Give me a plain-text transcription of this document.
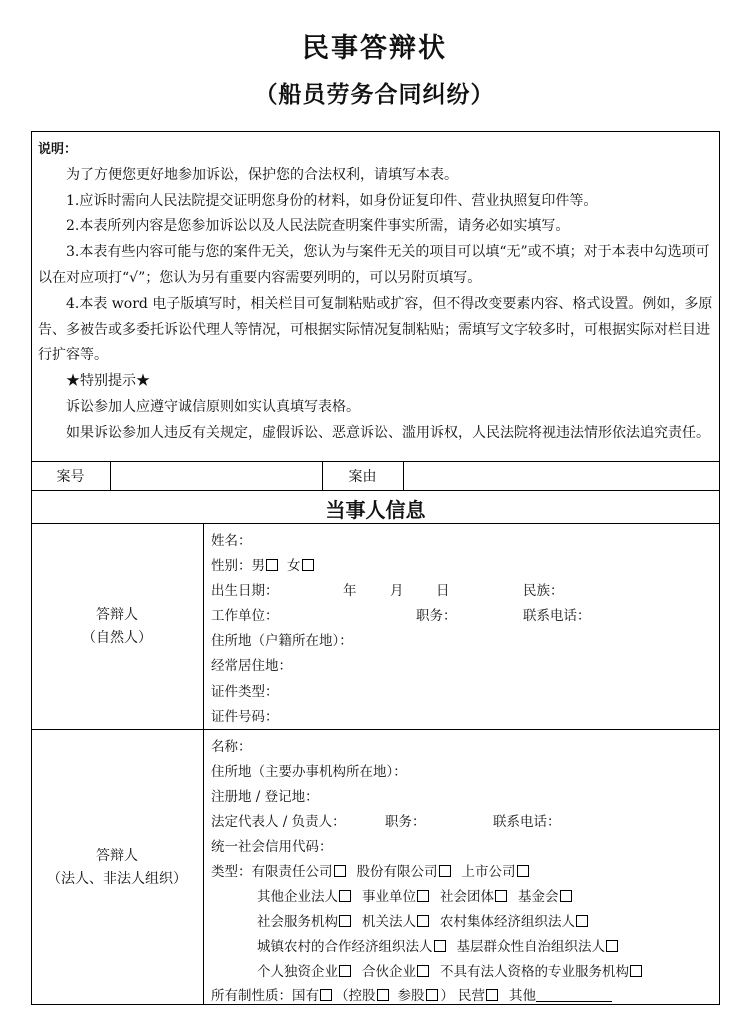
民事答辩状
（船员劳务合同纠纷）

说明：

为了方便您更好地参加诉讼，保护您的合法权利，请填写本表。

1.应诉时需向人民法院提交证明您身份的材料，如身份证复印件、营业执照复印件等。

2.本表所列内容是您参加诉讼以及人民法院查明案件事实所需，请务必如实填写。

3.本表有些内容可能与您的案件无关，您认为与案件无关的项目可以填“无”或不填；对于本表中勾选项可以在对应项打“√”；您认为另有重要内容需要列明的，可以另附页填写。

4.本表 word 电子版填写时，相关栏目可复制粘贴或扩容，但不得改变要素内容、格式设置。例如，多原告、多被告或多委托诉讼代理人等情况，可根据实际情况复制粘贴；需填写文字较多时，可根据实际对栏目进行扩容等。

★特别提示★

诉讼参加人应遵守诚信原则如实认真填写表格。

如果诉讼参加人违反有关规定，虚假诉讼、恶意诉讼、滥用诉权，人民法院将视违法情形依法追究责任。

案号	案由
当事人信息
答辩人
（自然人）
姓名：
性别：男 女
出生日期：	年 月 日	民族：
工作单位：	职务：	联系电话：
住所地（户籍所在地）：
经常居住地：
证件类型：
证件号码：
答辩人
（法人、非法人组织）
名称：
住所地（主要办事机构所在地）：
注册地 / 登记地：
法定代表人 / 负责人：	职务：	联系电话：
统一社会信用代码：
类型：有限责任公司 股份有限公司 上市公司
其他企业法人 事业单位 社会团体 基金会
社会服务机构 机关法人 农村集体经济组织法人
城镇农村的合作经济组织法人 基层群众性自治组织法人
个人独资企业 合伙企业 不具有法人资格的专业服务机构
所有制性质：国有 （控股 参股 ） 民营 其他
